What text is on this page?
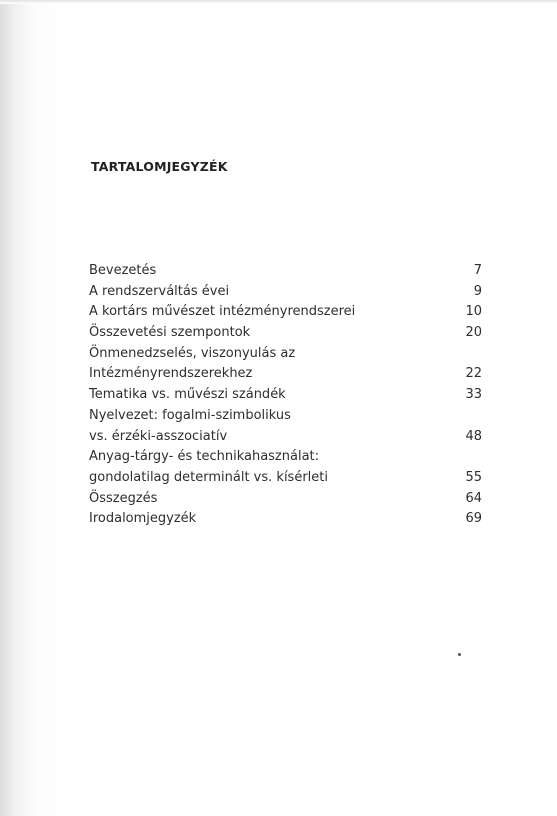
TARTALOMJEGYZÉK
Bevezetés	7
A rendszerváltás évei	9
A kortárs művészet intézményrendszerei	10
Összevetési szempontok	20
Önmenedzselés, viszonyulás az
Intézményrendszerekhez	22
Tematika vs. művészi szándék	33
Nyelvezet: fogalmi-szimbolikus
vs. érzéki-asszociatív	48
Anyag-tárgy- és technikahasználat:
gondolatilag determinált vs. kísérleti	55
Összegzés	64
Irodalomjegyzék	69
